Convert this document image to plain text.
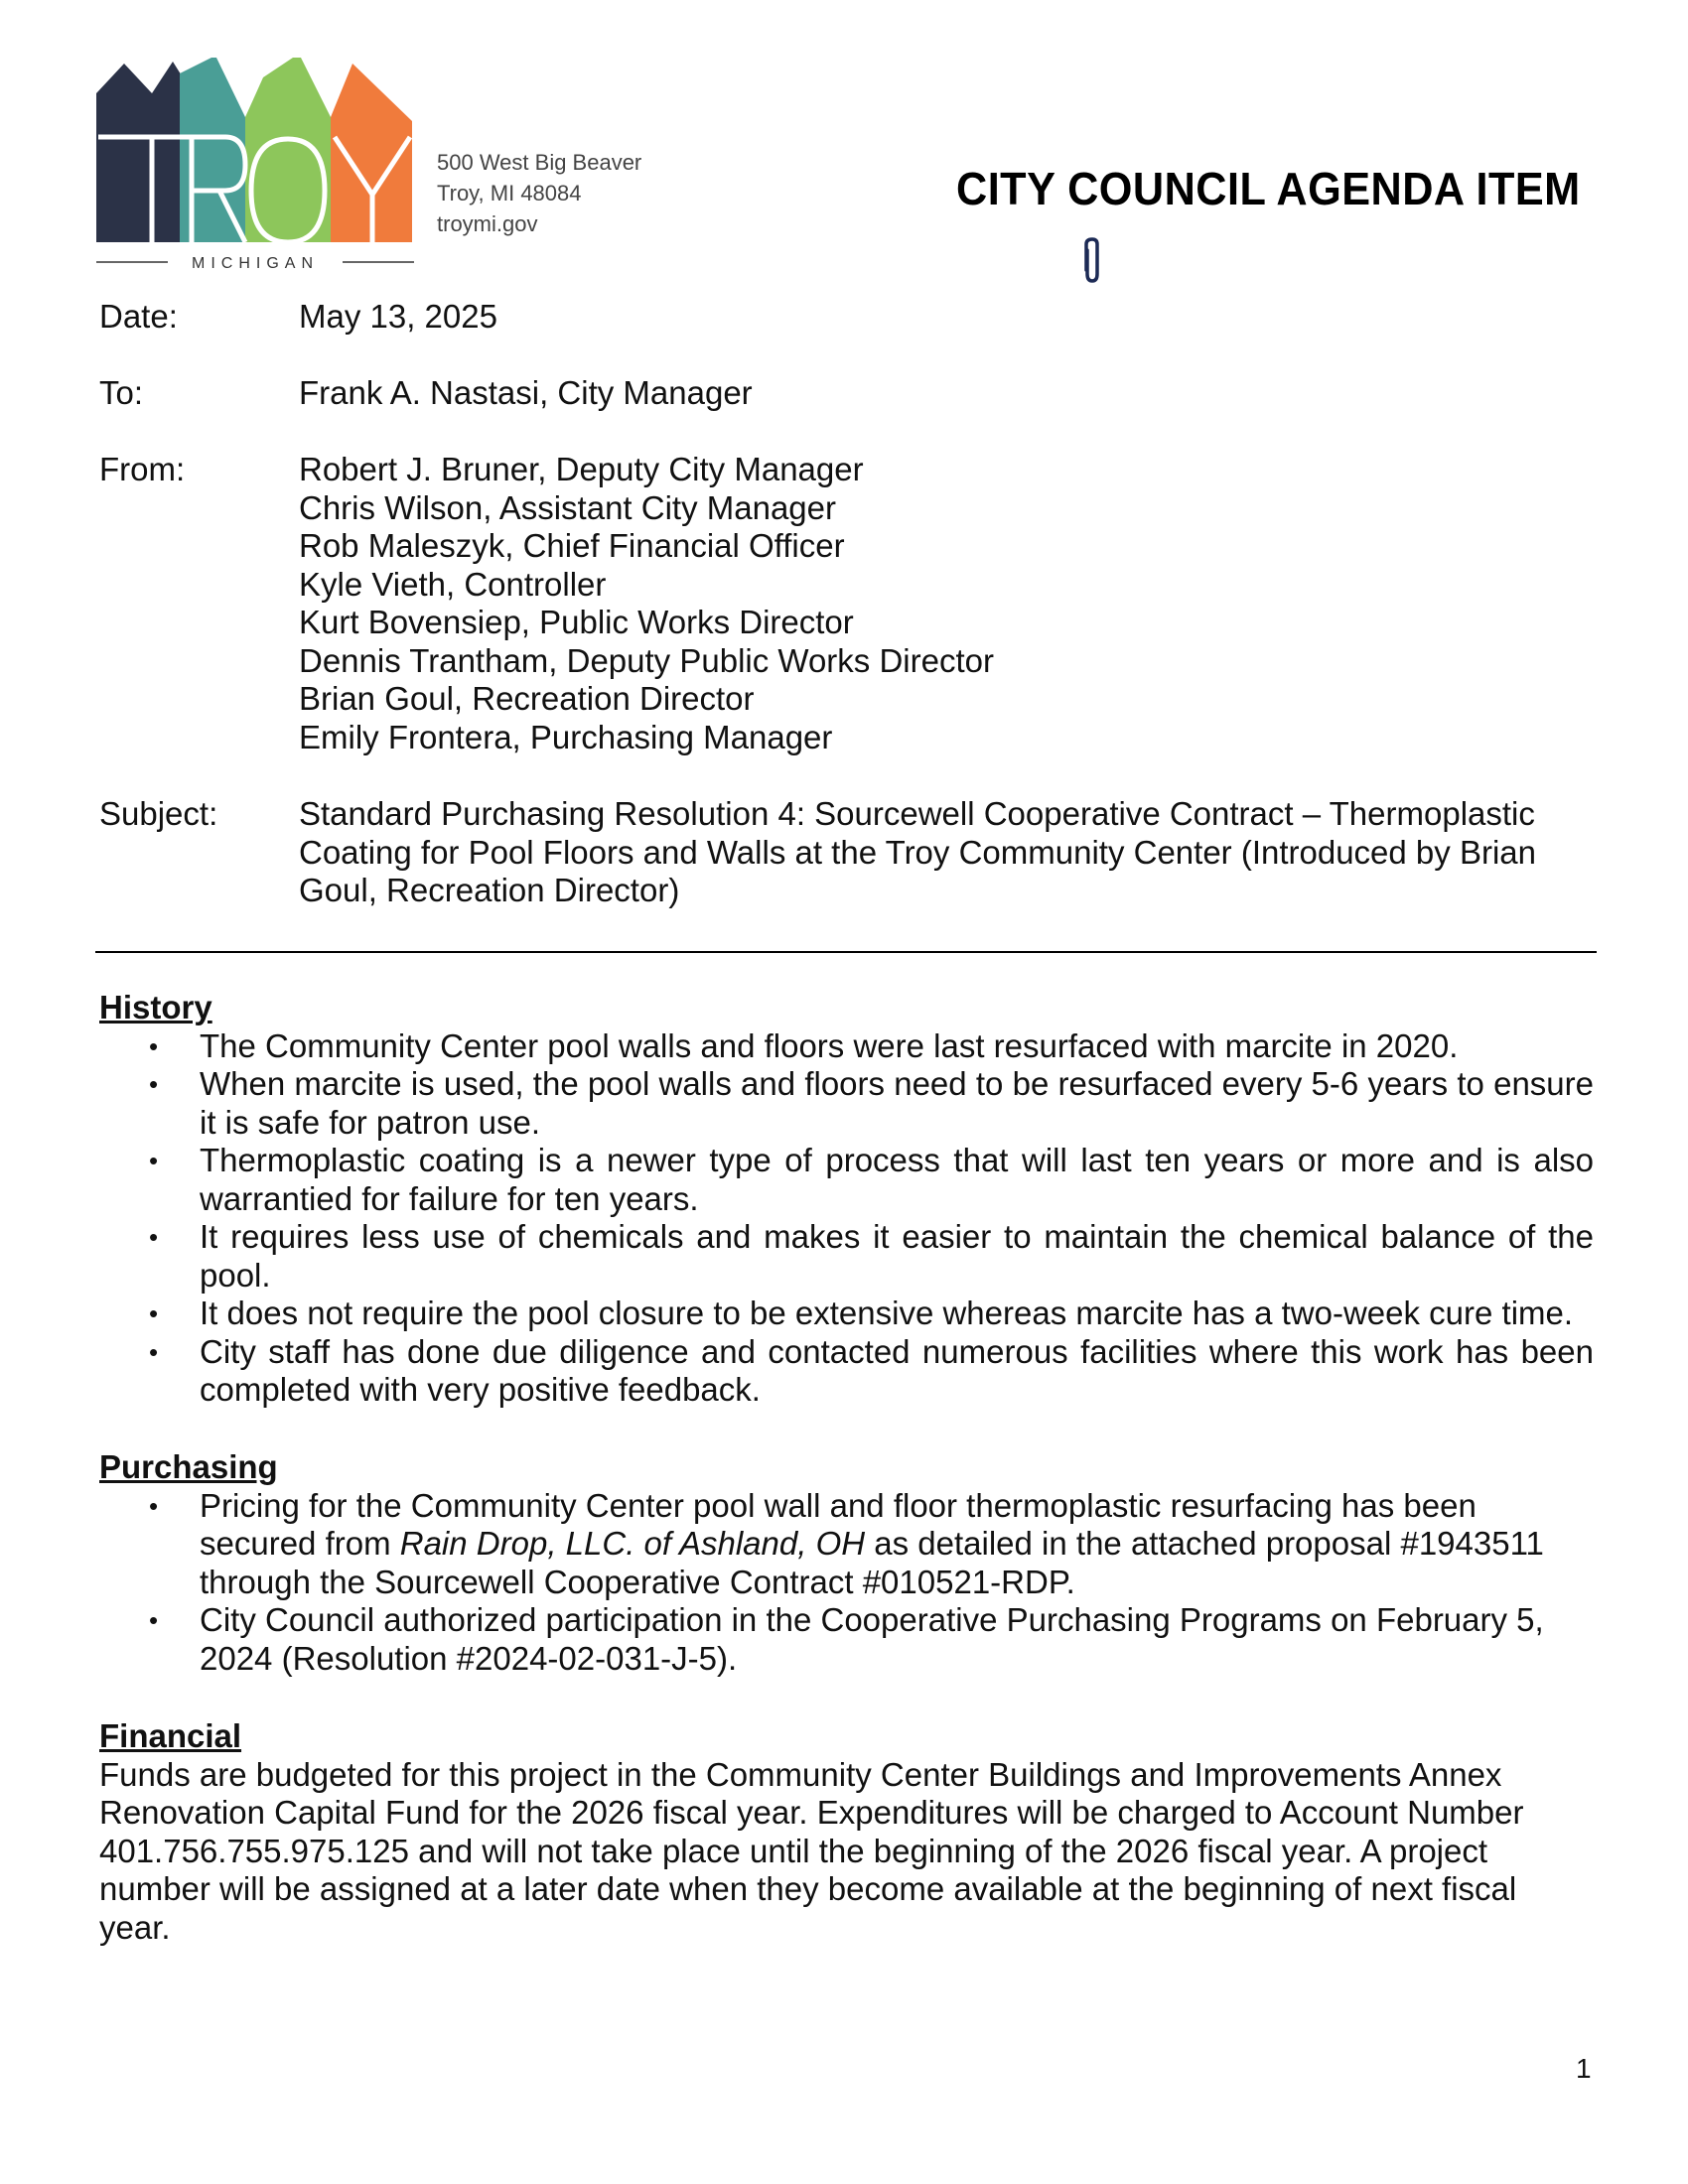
MICHIGAN
500 West Big Beaver
Troy, MI 48084
troymi.gov
CITY COUNCIL AGENDA ITEM
Date:	May 13, 2025
To:	Frank A. Nastasi, City Manager
From:	Robert J. Bruner, Deputy City Manager
Chris Wilson, Assistant City Manager
Rob Maleszyk, Chief Financial Officer
Kyle Vieth, Controller
Kurt Bovensiep, Public Works Director
Dennis Trantham, Deputy Public Works Director
Brian Goul, Recreation Director
Emily Frontera, Purchasing Manager
Subject:	Standard Purchasing Resolution 4: Sourcewell Cooperative Contract – Thermoplastic
Coating for Pool Floors and Walls at the Troy Community Center (Introduced by Brian
Goul, Recreation Director)
History
• The Community Center pool walls and floors were last resurfaced with marcite in 2020.
• When marcite is used, the pool walls and floors need to be resurfaced every 5-6 years to ensure it is safe for patron use.
• Thermoplastic coating is a newer type of process that will last ten years or more and is also warrantied for failure for ten years.
• It requires less use of chemicals and makes it easier to maintain the chemical balance of the pool.
• It does not require the pool closure to be extensive whereas marcite has a two-week cure time.
• City staff has done due diligence and contacted numerous facilities where this work has been completed with very positive feedback.
Purchasing
• Pricing for the Community Center pool wall and floor thermoplastic resurfacing has been
secured from Rain Drop, LLC. of Ashland, OH as detailed in the attached proposal #1943511
through the Sourcewell Cooperative Contract #010521-RDP.
• City Council authorized participation in the Cooperative Purchasing Programs on February 5,
2024 (Resolution #2024-02-031-J-5).
Financial
Funds are budgeted for this project in the Community Center Buildings and Improvements Annex
Renovation Capital Fund for the 2026 fiscal year. Expenditures will be charged to Account Number
401.756.755.975.125 and will not take place until the beginning of the 2026 fiscal year. A project
number will be assigned at a later date when they become available at the beginning of next fiscal
year.
1
